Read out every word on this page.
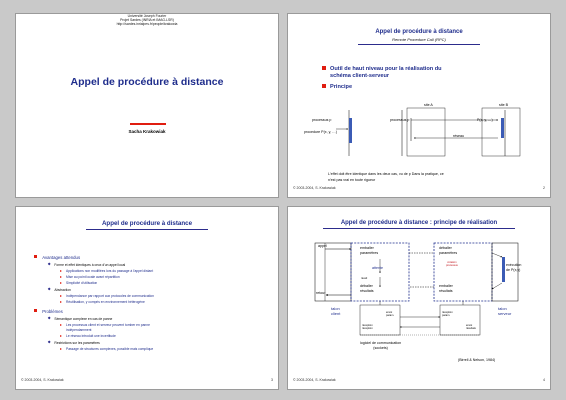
Appel de procédure à distance
Sacha Krakowiak
Université Joseph Fourier
Projet Sardes (INRIA et IMAG-LSR)
http://sardes.inrialpes.fr/people/krakowia
Appel de procédure à distance
Remote Procedure Call (RPC)
Outil de haut niveau pour la réalisation du
schéma client-serveur
Principe
processus p
procedure P(x, y, …)
site A	site B
processus p
réseau
P(x, y, …)
L'effet doit être identique dans les deux cas, vu de p Dans la pratique, ce
n'est pas vrai en toute rigueur
© 2003-2004, S. Krakowiak	2
Appel de procédure à distance
Avantages attendus
Forme et effet identiques à ceux d'un appel local
Applications non modifiées lors du passage à l'appel distant
Mise au point locale avant répartition
Simplicité d'utilisation
Abstraction
Indépendance par rapport aux protocoles de communication
Réutilisation, y compris en environnement hétérogène
Problèmes
Sémantique complexe en cas de panne
Les processus client et serveur peuvent tomber en panne
indépendamment
Le réseau introduit une incertitude
Restrictions sur les paramètres
Passage de structures complexes, possible mais complique
© 2003-2004, S. Krakowiak	3
Appel de procédure à distance : principe de réalisation
appel
retour
emballer
paramètres
attente
réveil
déballer
résultats
déballer
paramètres
création
processus	exécution
de P(x,y)
emballer
résultats
talon
client
talon
serveur
réception
réception
envoi
param.
réception
param.
envoi
résultats
logiciel de communication
(sockets)
(Birrell & Nelson, 1984)
© 2003-2004, S. Krakowiak	4
